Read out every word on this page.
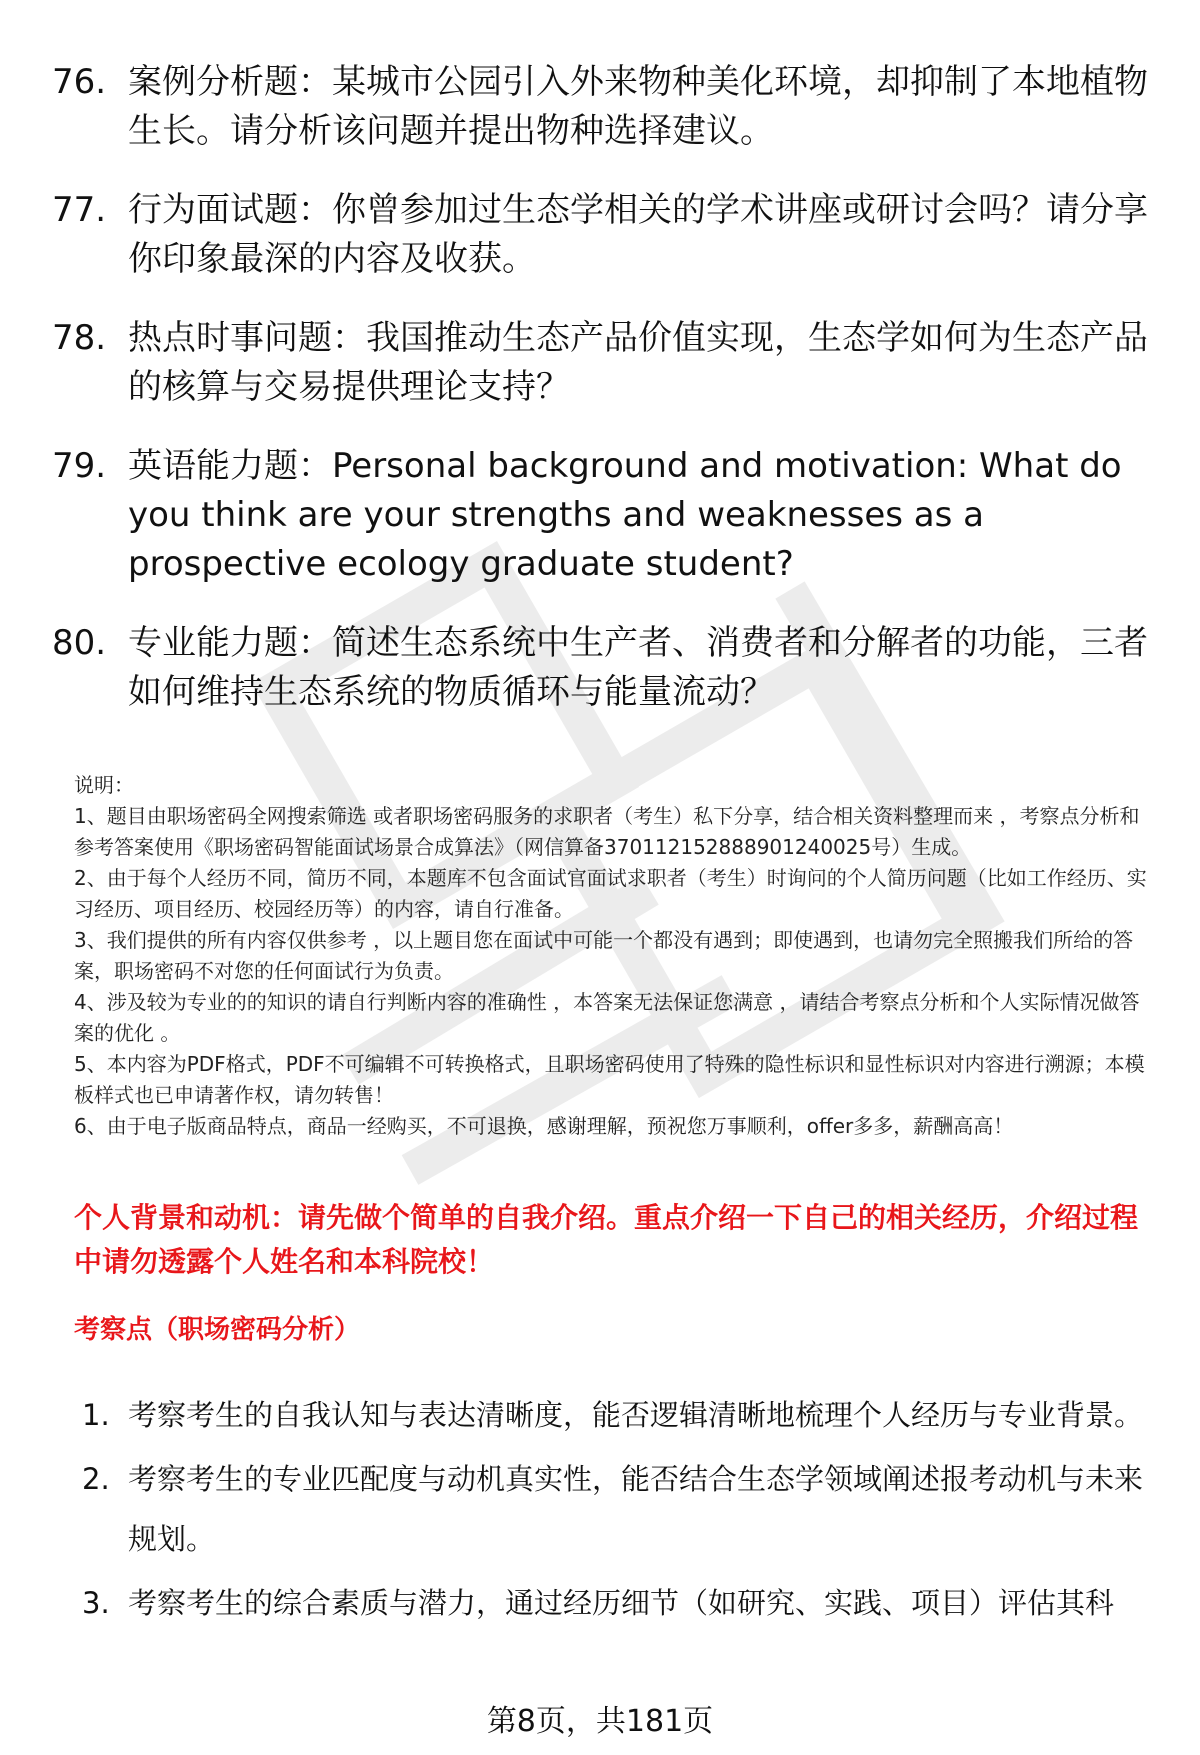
76. 案例分析题：某城市公园引入外来物种美化环境，却抑制了本地植物生长。请分析该问题并提出物种选择建议。
77. 行为面试题：你曾参加过生态学相关的学术讲座或研讨会吗？请分享你印象最深的内容及收获。
78. 热点时事问题：我国推动生态产品价值实现，生态学如何为生态产品的核算与交易提供理论支持？
79. 英语能力题：Personal background and motivation: What do you think are your strengths and weaknesses as a prospective ecology graduate student?
80. 专业能力题：简述生态系统中生产者、消费者和分解者的功能，三者如何维持生态系统的物质循环与能量流动？

说明：

1、题目由职场密码全网搜索筛选 或者职场密码服务的求职者（考生）私下分享，结合相关资料整理而来 ，考察点分析和参考答案使用《职场密码智能面试场景合成算法》（网信算备370112152888901240025号）生成。

2、由于每个人经历不同，简历不同，本题库不包含面试官面试求职者（考生）时询问的个人简历问题（比如工作经历、实习经历、项目经历、校园经历等）的内容，请自行准备。

3、我们提供的所有内容仅供参考 ，以上题目您在面试中可能一个都没有遇到；即使遇到，也请勿完全照搬我们所给的答案，职场密码不对您的任何面试行为负责。

4、涉及较为专业的的知识的请自行判断内容的准确性 ，本答案无法保证您满意 ，请结合考察点分析和个人实际情况做答案的优化 。

5、本内容为PDF格式，PDF不可编辑不可转换格式，且职场密码使用了特殊的隐性标识和显性标识对内容进行溯源；本模板样式也已申请著作权，请勿转售！

6、由于电子版商品特点，商品一经购买，不可退换，感谢理解，预祝您万事顺利，offer多多，薪酬高高！

个人背景和动机：请先做个简单的自我介绍。重点介绍一下自己的相关经历，介绍过程中请勿透露个人姓名和本科院校！
考察点（职场密码分析）
1. 考察考生的自我认知与表达清晰度，能否逻辑清晰地梳理个人经历与专业背景。
2. 考察考生的专业匹配度与动机真实性，能否结合生态学领域阐述报考动机与未来规划。
3. 考察考生的综合素质与潜力，通过经历细节（如研究、实践、项目）评估其科
第8页，共181页
